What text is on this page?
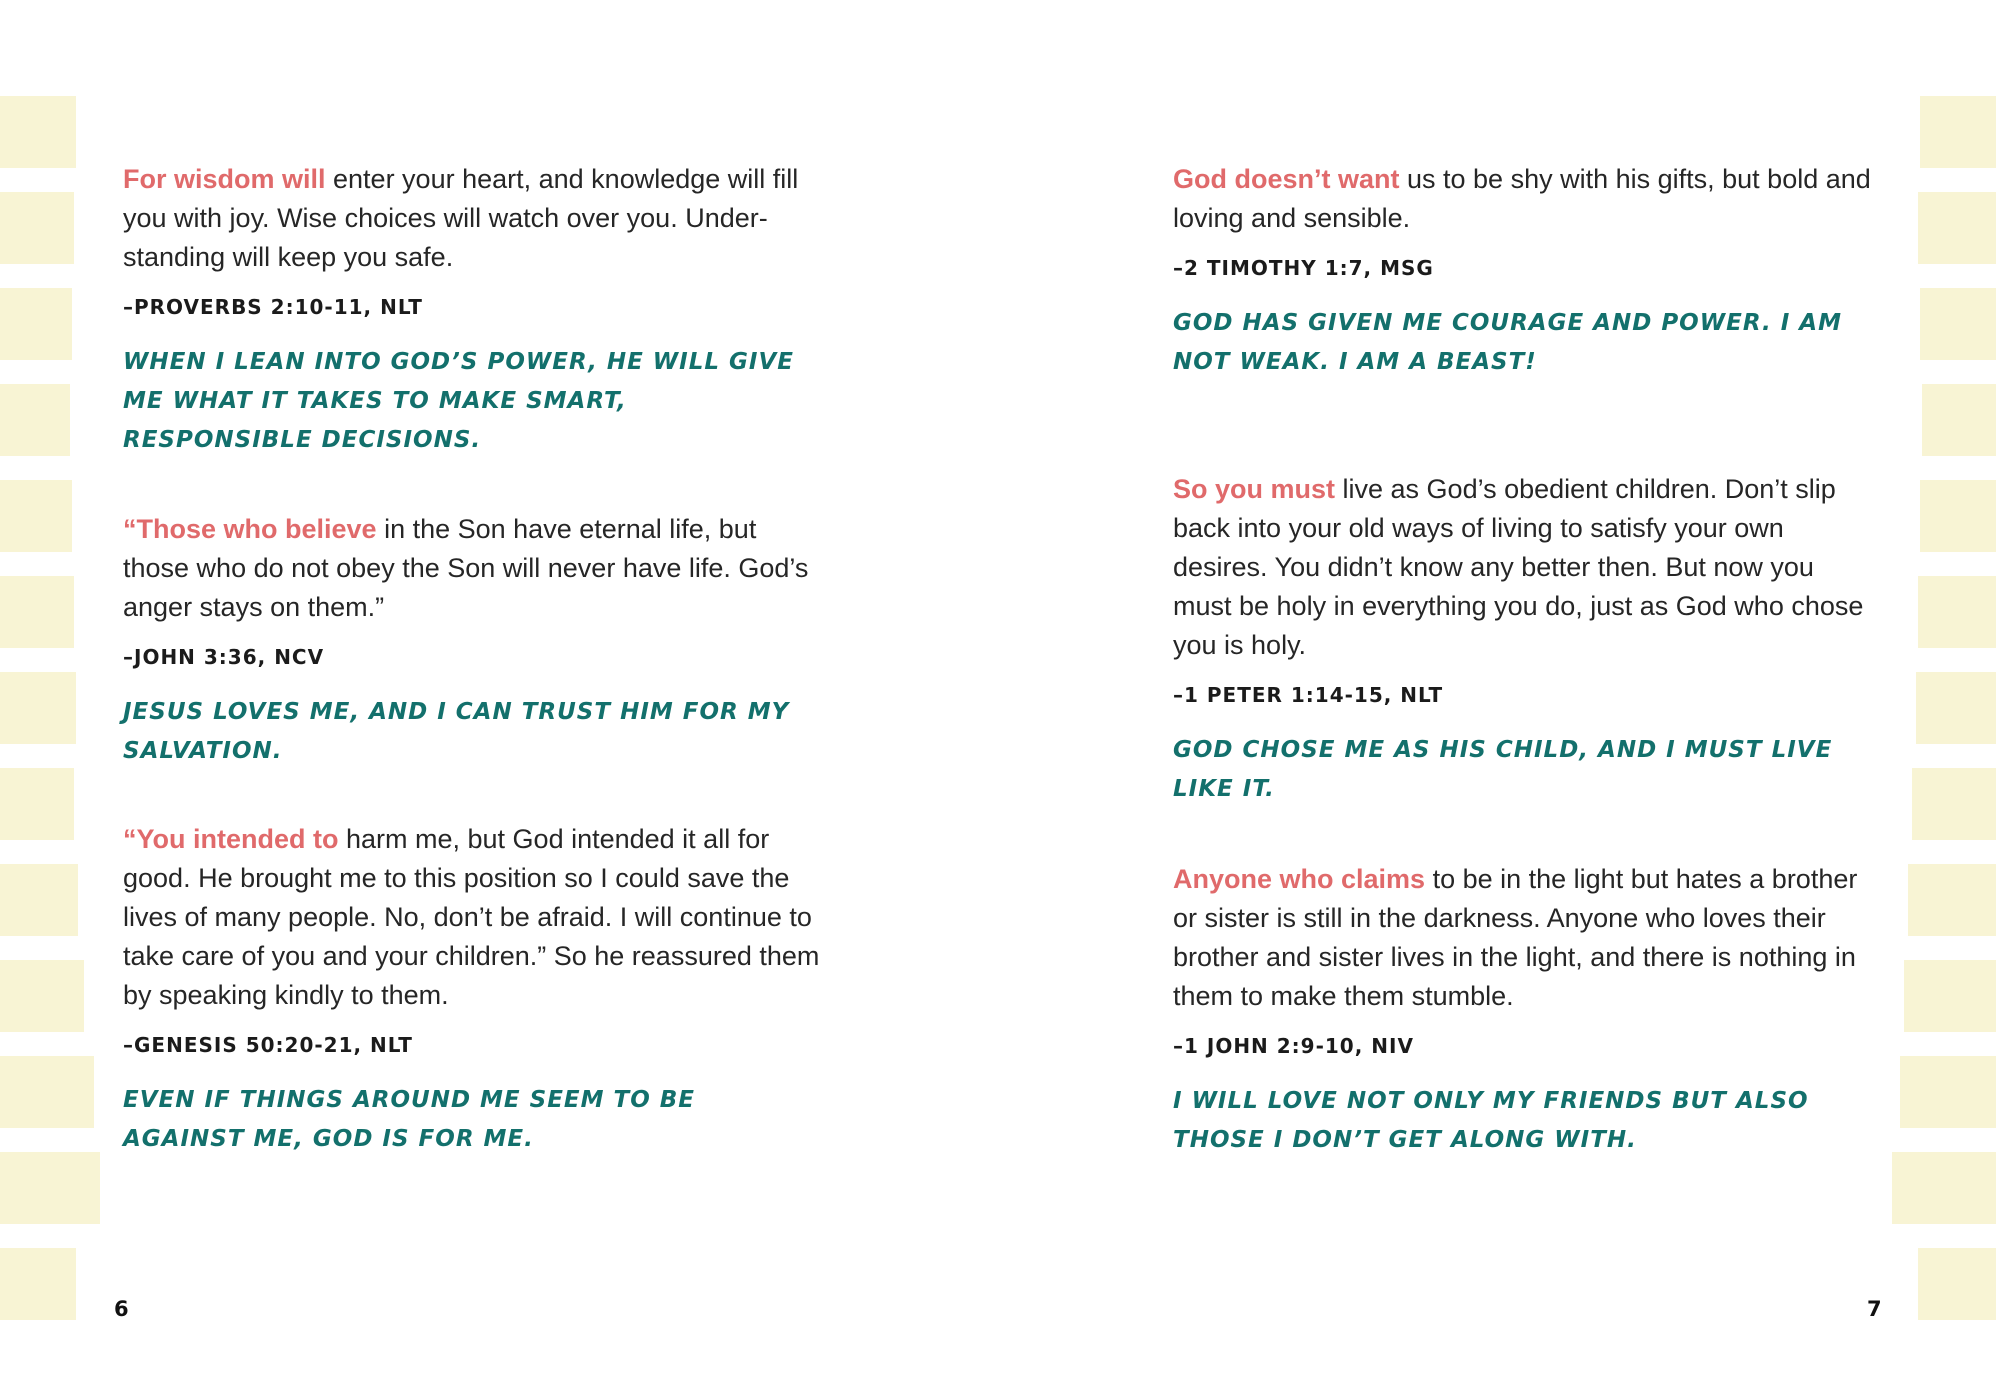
For wisdom will enter your heart, and knowledge will fill you with joy. Wise choices will watch over you. Under-standing will keep you safe.

–PROVERBS 2:10-11, NLT
WHEN I LEAN INTO GOD’S POWER, HE WILL GIVE ME WHAT IT TAKES TO MAKE SMART, RESPONSIBLE DECISIONS.

“Those who believe in the Son have eternal life, but those who do not obey the Son will never have life. God’s anger stays on them.”

–JOHN 3:36, NCV
JESUS LOVES ME, AND I CAN TRUST HIM FOR MY SALVATION.

“You intended to harm me, but God intended it all for good. He brought me to this position so I could save the lives of many people. No, don’t be afraid. I will continue to take care of you and your children.” So he reassured them by speaking kindly to them.

–GENESIS 50:20-21, NLT
EVEN IF THINGS AROUND ME SEEM TO BE AGAINST ME, GOD IS FOR ME.
6

God doesn’t want us to be shy with his gifts, but bold and loving and sensible.

–2 TIMOTHY 1:7, MSG
GOD HAS GIVEN ME COURAGE AND POWER. I AM NOT WEAK. I AM A BEAST!

So you must live as God’s obedient children. Don’t slip back into your old ways of living to satisfy your own desires. You didn’t know any better then. But now you must be holy in everything you do, just as God who chose you is holy.

–1 PETER 1:14-15, NLT
GOD CHOSE ME AS HIS CHILD, AND I MUST LIVE LIKE IT.

Anyone who claims to be in the light but hates a brother or sister is still in the darkness. Anyone who loves their brother and sister lives in the light, and there is nothing in them to make them stumble.

–1 JOHN 2:9-10, NIV
I WILL LOVE NOT ONLY MY FRIENDS BUT ALSO THOSE I DON’T GET ALONG WITH.
7
